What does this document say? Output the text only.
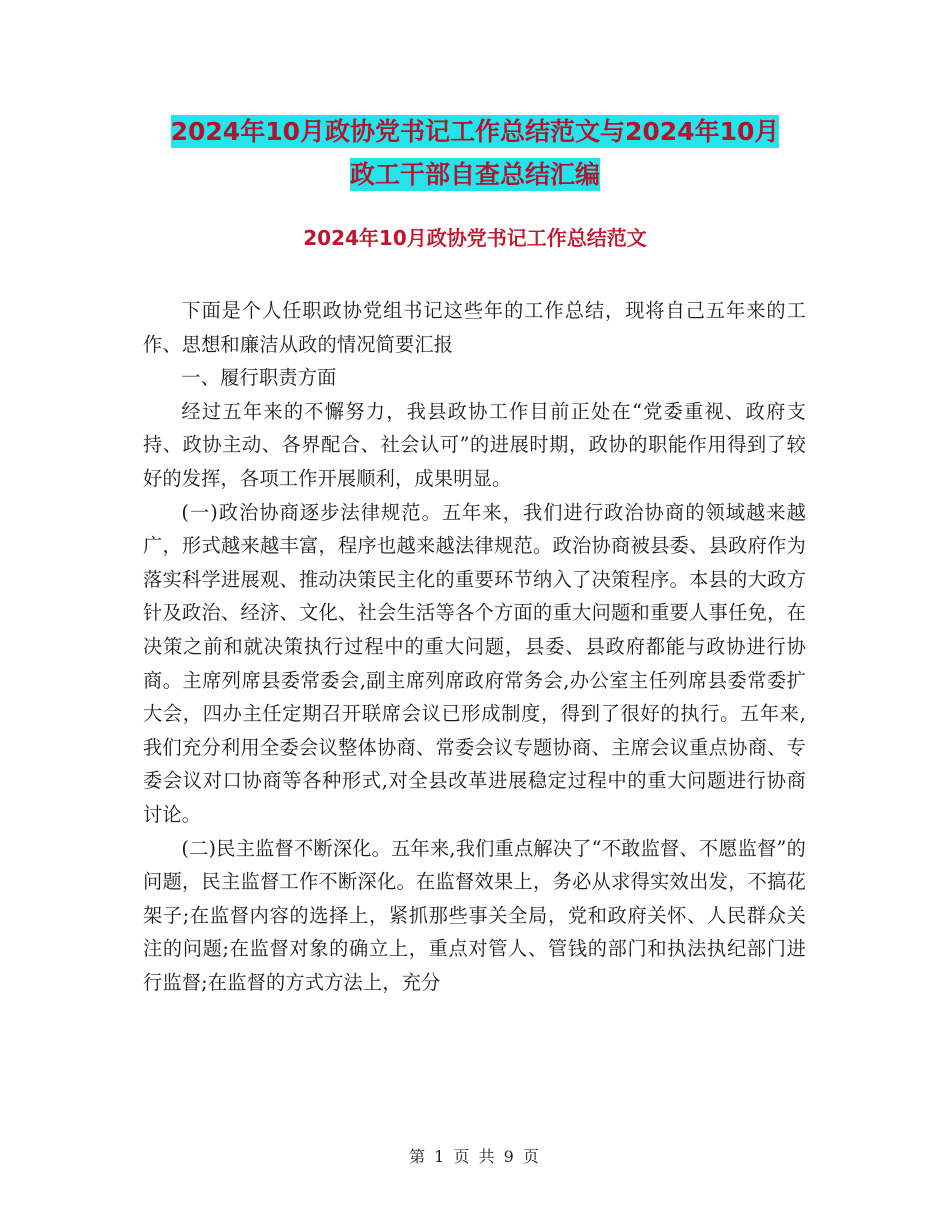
2024年10月政协党书记工作总结范文与2024年10月
政工干部自查总结汇编
2024年10月政协党书记工作总结范文

下面是个人任职政协党组书记这些年的工作总结，现将自己五年来的工作、思想和廉洁从政的情况简要汇报

一、履行职责方面

经过五年来的不懈努力，我县政协工作目前正处在“党委重视、政府支持、政协主动、各界配合、社会认可”的进展时期，政协的职能作用得到了较好的发挥，各项工作开展顺利，成果明显。

(一)政治协商逐步法律规范。五年来，我们进行政治协商的领域越来越广，形式越来越丰富，程序也越来越法律规范。政治协商被县委、县政府作为落实科学进展观、推动决策民主化的重要环节纳入了决策程序。本县的大政方针及政治、经济、文化、社会生活等各个方面的重大问题和重要人事任免，在决策之前和就决策执行过程中的重大问题，县委、县政府都能与政协进行协商。主席列席县委常委会,副主席列席政府常务会,办公室主任列席县委常委扩大会，四办主任定期召开联席会议已形成制度，得到了很好的执行。五年来,我们充分利用全委会议整体协商、常委会议专题协商、主席会议重点协商、专委会议对口协商等各种形式,对全县改革进展稳定过程中的重大问题进行协商讨论。

(二)民主监督不断深化。五年来,我们重点解决了“不敢监督、不愿监督”的问题，民主监督工作不断深化。在监督效果上，务必从求得实效出发，不搞花架子;在监督内容的选择上，紧抓那些事关全局，党和政府关怀、人民群众关注的问题;在监督对象的确立上，重点对管人、管钱的部门和执法执纪部门进行监督;在监督的方式方法上，充分

第 1 页 共 9 页
